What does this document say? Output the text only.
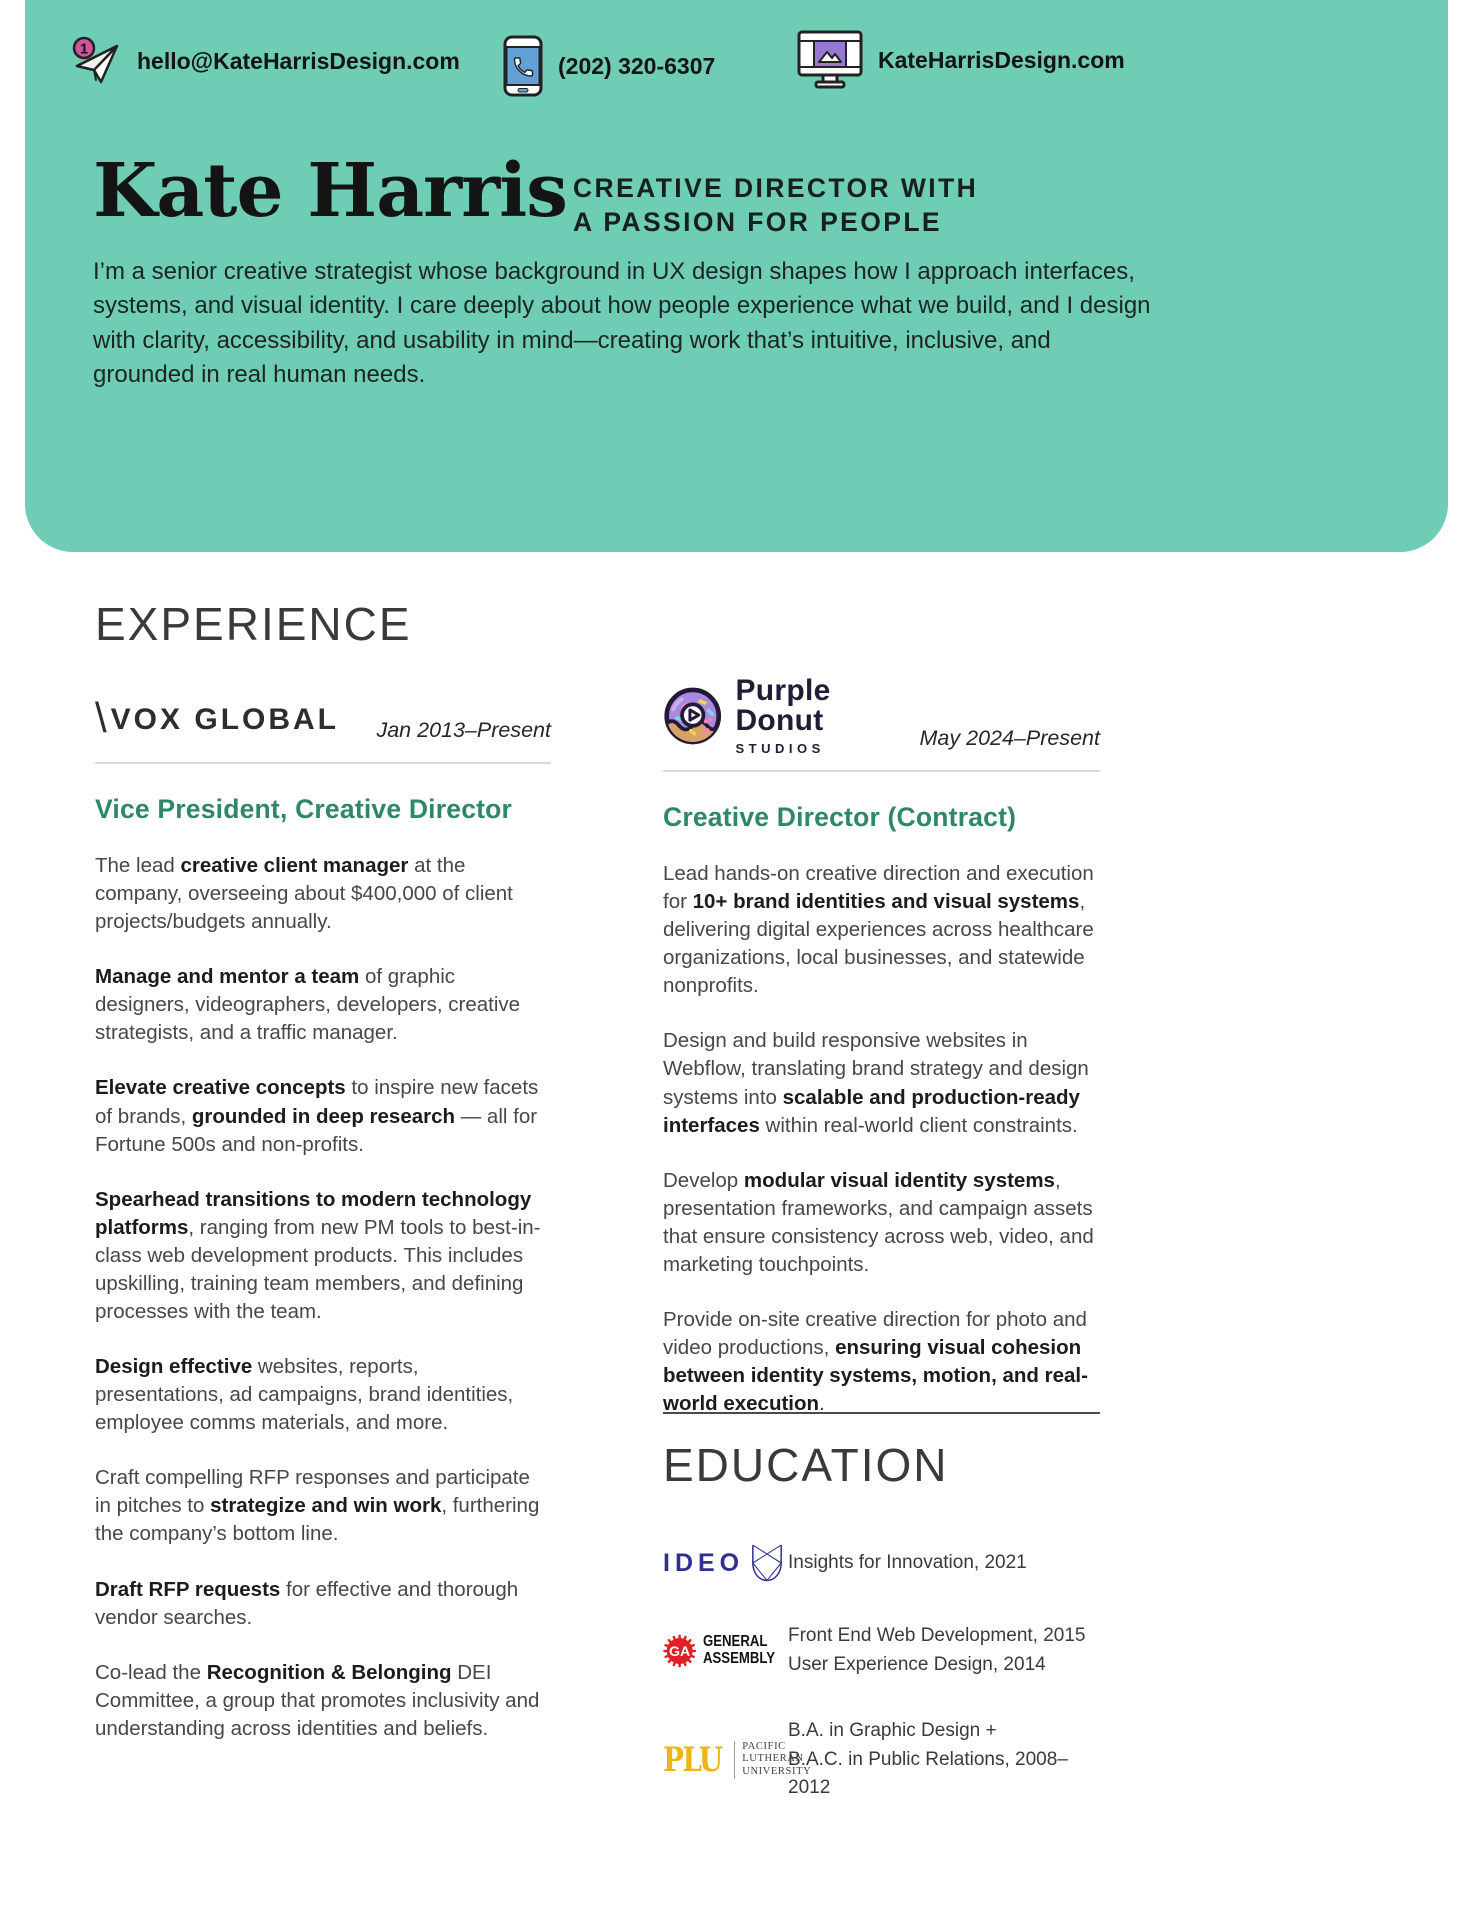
1 hello@KateHarrisDesign.com	(202) 320-6307	KateHarrisDesign.com
Kate Harris CREATIVE DIRECTOR WITH
A PASSION FOR PEOPLE

I’m a senior creative strategist whose background in UX design shapes how I approach interfaces, systems, and visual identity. I care deeply about how people experience what we build, and I design with clarity, accessibility, and usability in mind—creating work that’s intuitive, inclusive, and grounded in real human needs.

EXPERIENCE
\ VOX GLOBAL Jan 2013–Present
Vice President, Creative Director

The lead creative client manager at the company, overseeing about $400,000 of client projects/budgets annually.

Manage and mentor a team of graphic designers, videographers, developers, creative strategists, and a traffic manager.

Elevate creative concepts to inspire new facets of brands, grounded in deep research — all for Fortune 500s and non-profits.

Spearhead transitions to modern technology platforms, ranging from new PM tools to best-in-class web development products. This includes upskilling, training team members, and defining processes with the team.

Design effective websites, reports, presentations, ad campaigns, brand identities, employee comms materials, and more.

Craft compelling RFP responses and participate in pitches to strategize and win work, furthering the company’s bottom line.

Draft RFP requests for effective and thorough vendor searches.

Co-lead the Recognition & Belonging DEI Committee, a group that promotes inclusivity and understanding across identities and beliefs.

Purple Donut
STUDIOS	May 2024–Present
Creative Director (Contract)

Lead hands-on creative direction and execution for 10+ brand identities and visual systems, delivering digital experiences across healthcare organizations, local businesses, and statewide nonprofits.

Design and build responsive websites in Webflow, translating brand strategy and design systems into scalable and production-ready interfaces within real-world client constraints.

Develop modular visual identity systems, presentation frameworks, and campaign assets that ensure consistency across web, video, and marketing touchpoints.

Provide on-site creative direction for photo and video productions, ensuring visual cohesion between identity systems, motion, and real-world execution.

EDUCATION
IDEO Insights for Innovation, 2021
GA
GENERAL
ASSEMBLY
Front End Web Development, 2015
User Experience Design, 2014
PLU PACIFIC
LUTHERAN
UNIVERSITY
B.A. in Graphic Design +
B.A.C. in Public Relations, 2008–2012
